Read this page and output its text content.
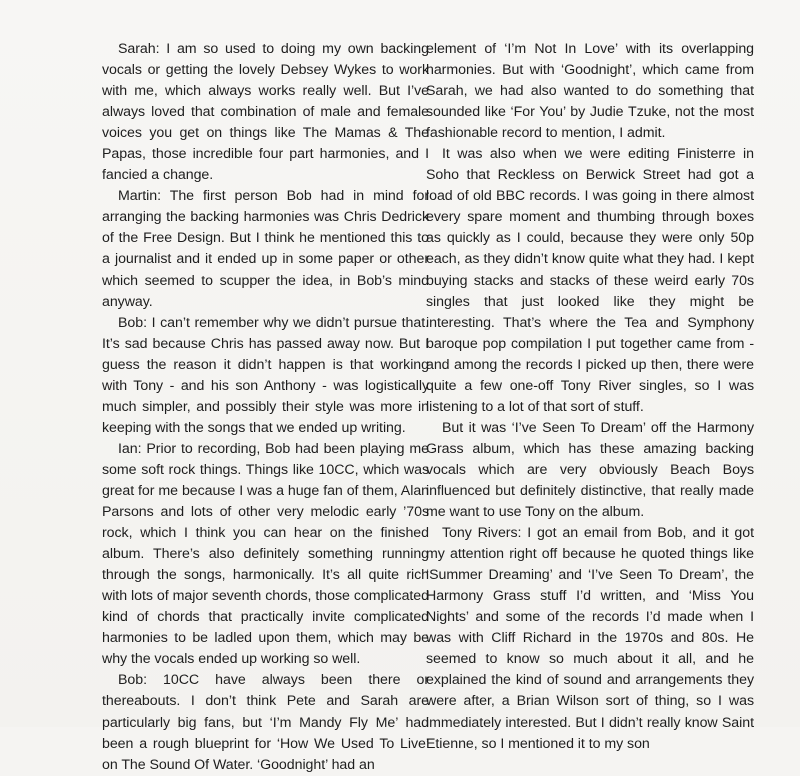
Sarah: I am so used to doing my own backing vocals or getting the lovely Debsey Wykes to work with me, which always works really well. But I’ve always loved that combination of male and female voices you get on things like The Mamas & The Papas, those incredible four part harmonies, and I fancied a change.

Martin: The first person Bob had in mind for arranging the backing harmonies was Chris Dedrick of the Free Design. But I think he mentioned this to a journalist and it ended up in some paper or other which seemed to scupper the idea, in Bob’s mind anyway.

Bob: I can’t remember why we didn’t pursue that. It’s sad because Chris has passed away now. But I guess the reason it didn’t happen is that working with Tony - and his son Anthony - was logistically much simpler, and possibly their style was more in keeping with the songs that we ended up writing.

Ian: Prior to recording, Bob had been playing me some soft rock things. Things like 10CC, which was great for me because I was a huge fan of them, Alan Parsons and lots of other very melodic early ’70s rock, which I think you can hear on the finished album. There’s also definitely something running through the songs, harmonically. It’s all quite rich with lots of major seventh chords, those complicated kind of chords that practically invite complicated harmonies to be ladled upon them, which may be why the vocals ended up working so well.

Bob: 10CC have always been there or thereabouts. I don’t think Pete and Sarah are particularly big fans, but ‘I’m Mandy Fly Me’ had been a rough blueprint for ‘How We Used To Live’ on The Sound Of Water. ‘Goodnight’ had an

element of ‘I’m Not In Love’ with its overlapping harmonies. But with ‘Goodnight’, which came from Sarah, we had also wanted to do something that sounded like ‘For You’ by Judie Tzuke, not the most fashionable record to mention, I admit.

It was also when we were editing Finisterre in Soho that Reckless on Berwick Street had got a load of old BBC records. I was going in there almost every spare moment and thumbing through boxes as quickly as I could, because they were only 50p each, as they didn’t know quite what they had. I kept buying stacks and stacks of these weird early 70s singles that just looked like they might be interesting. That’s where the Tea and Symphony baroque pop compilation I put together came from - and among the records I picked up then, there were quite a few one-off Tony River singles, so I was listening to a lot of that sort of stuff.

But it was ‘I’ve Seen To Dream’ off the Harmony Grass album, which has these amazing backing vocals which are very obviously Beach Boys influenced but definitely distinctive, that really made me want to use Tony on the album.

Tony Rivers: I got an email from Bob, and it got my attention right off because he quoted things like ‘Summer Dreaming’ and ‘I’ve Seen To Dream’, the Harmony Grass stuff I’d written, and ‘Miss You Nights’ and some of the records I’d made when I was with Cliff Richard in the 1970s and 80s. He seemed to know so much about it all, and he explained the kind of sound and arrangements they were after, a Brian Wilson sort of thing, so I was immediately interested. But I didn’t really know Saint Etienne, so I mentioned it to my son
